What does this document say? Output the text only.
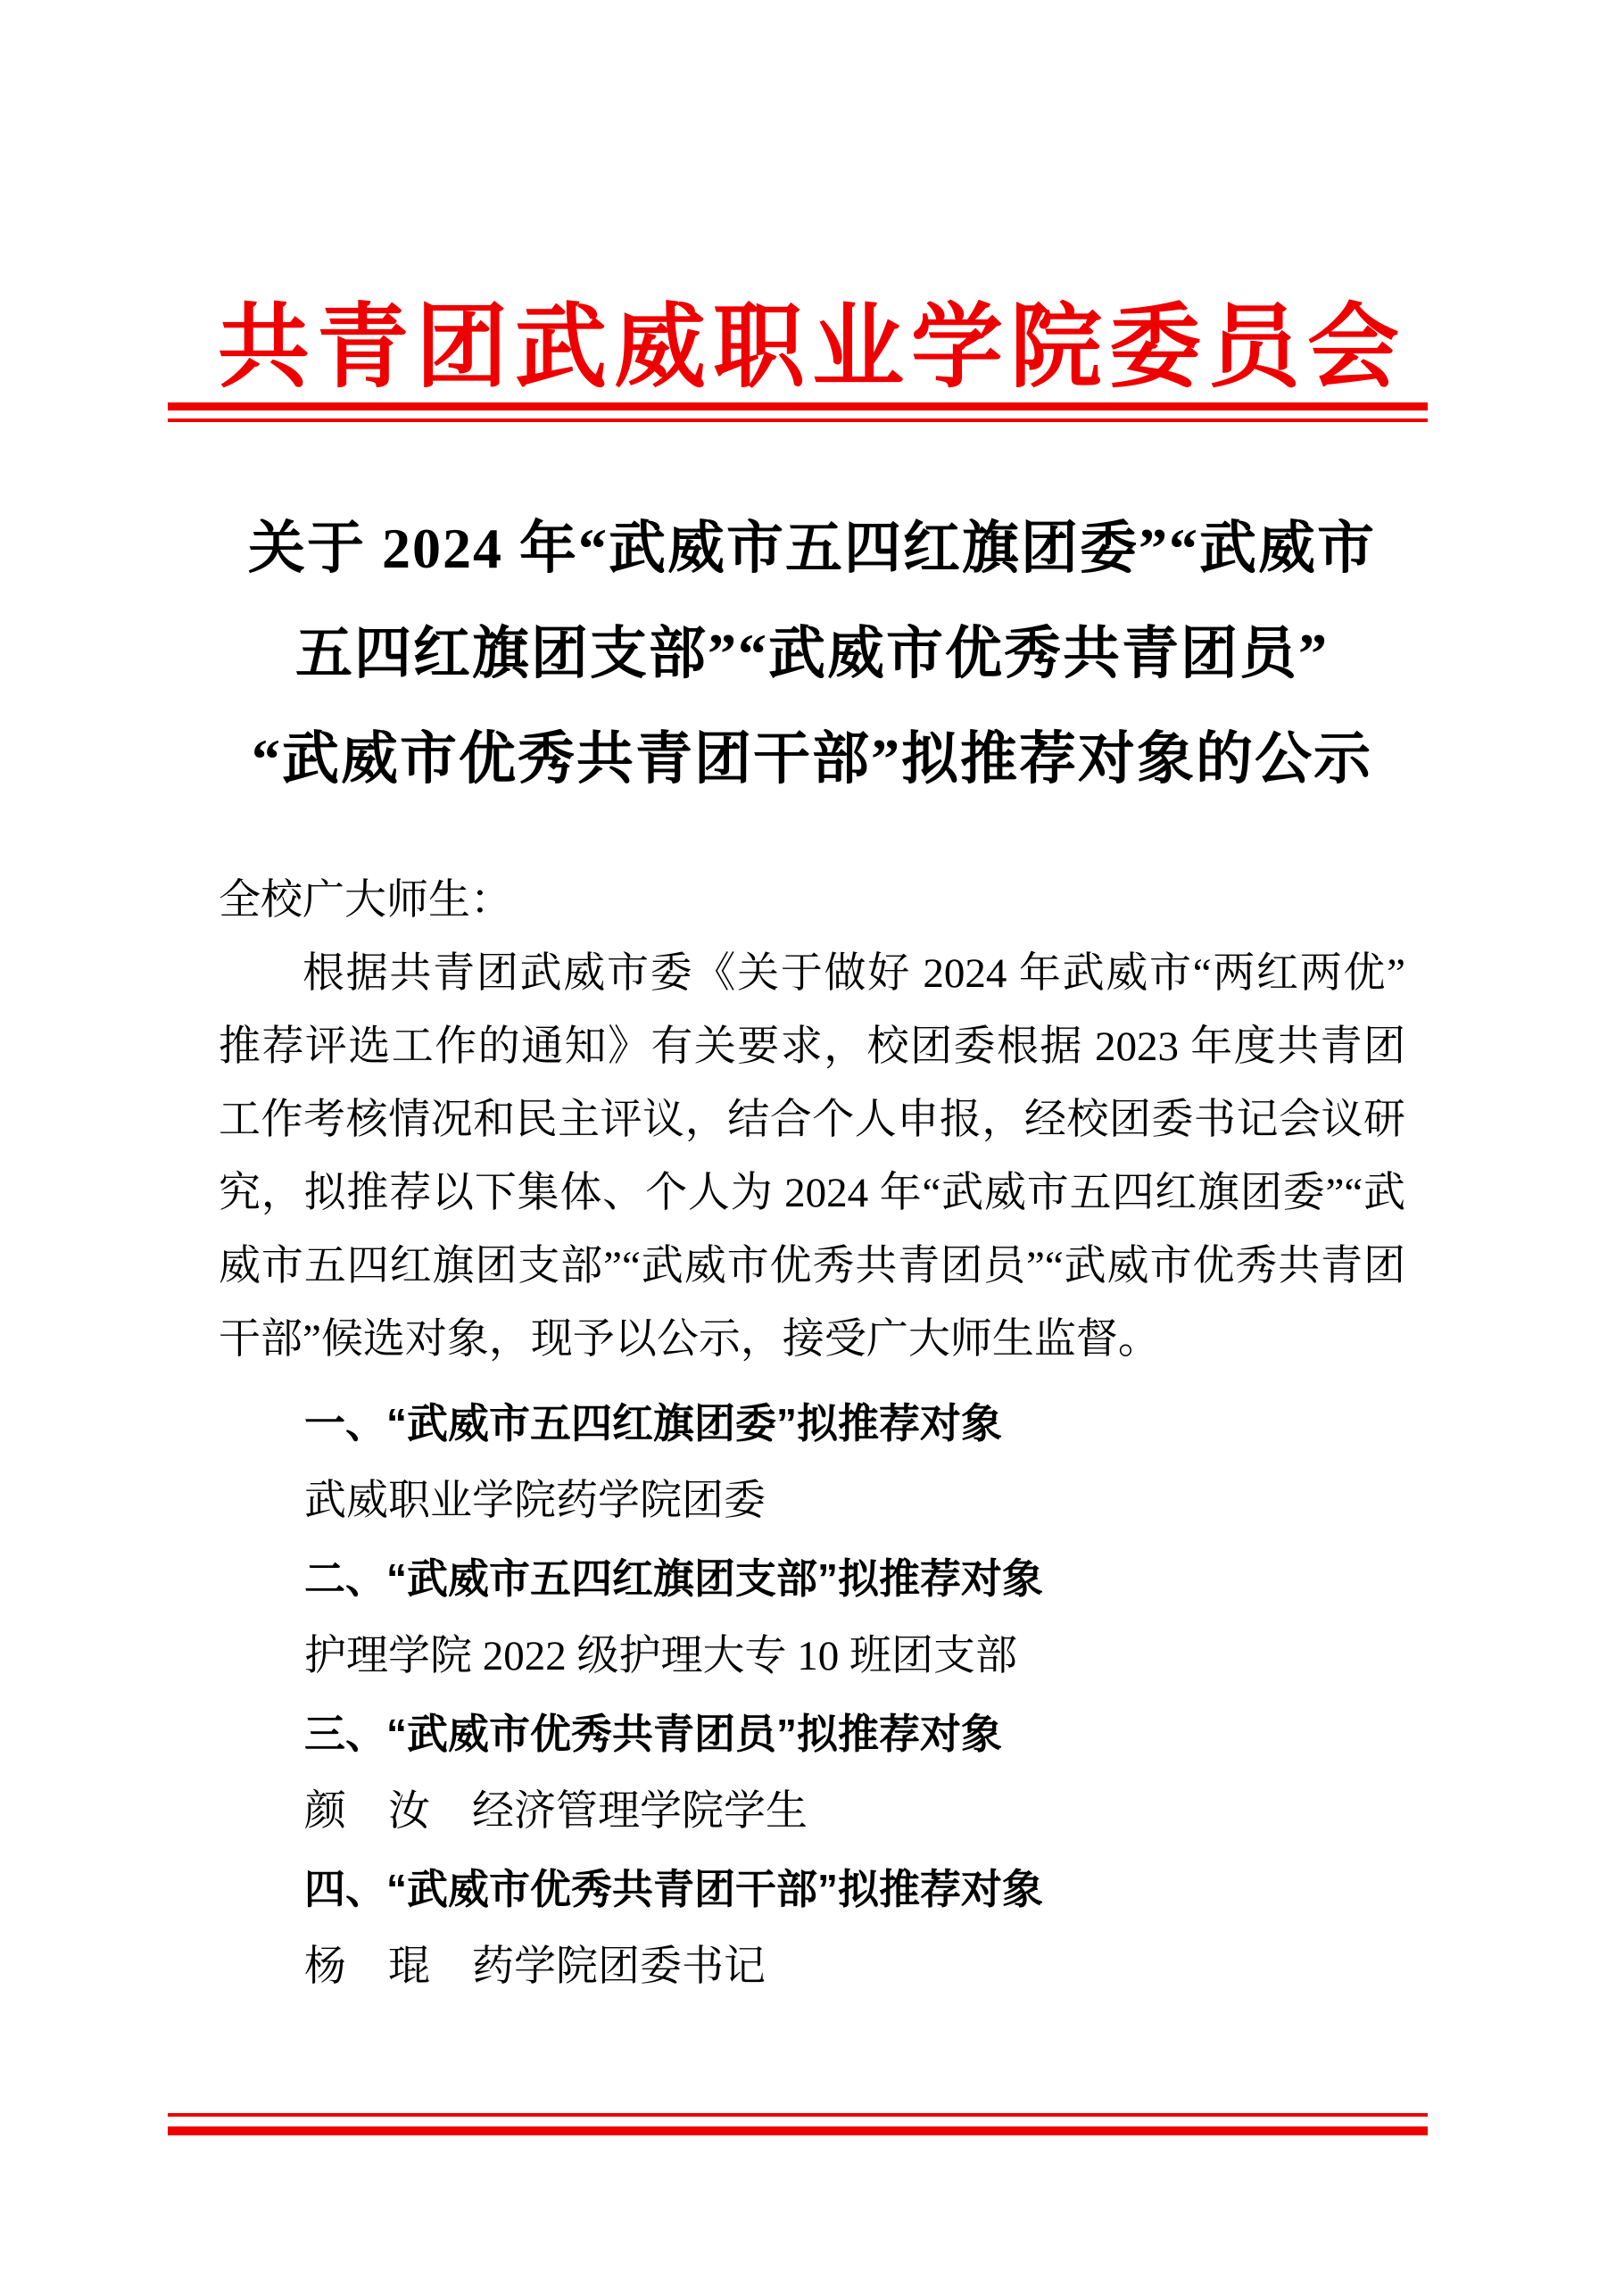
共青团武威职业学院委员会
关于 2024 年“武威市五四红旗团委”“武威市
五四红旗团支部”“武威市优秀共青团员”
“武威市优秀共青团干部”拟推荐对象的公示
全校广大师生：
根据共青团武威市委《关于做好 2024 年武威市“两红两优”推荐评选工作的通知》有关要求，校团委根据 2023 年度共青团工作考核情况和民主评议，结合个人申报，经校团委书记会议研究，拟推荐以下集体、个人为 2024 年“武威市五四红旗团委”“武威市五四红旗团支部”“武威市优秀共青团员”“武威市优秀共青团干部”候选对象，现予以公示，接受广大师生监督。
一、“武威市五四红旗团委”拟推荐对象
武威职业学院药学院团委
二、“武威市五四红旗团支部”拟推荐对象
护理学院 2022 级护理大专 10 班团支部
三、“武威市优秀共青团员”拟推荐对象
颜　汝　经济管理学院学生
四、“武威市优秀共青团干部”拟推荐对象
杨　琨　药学院团委书记
